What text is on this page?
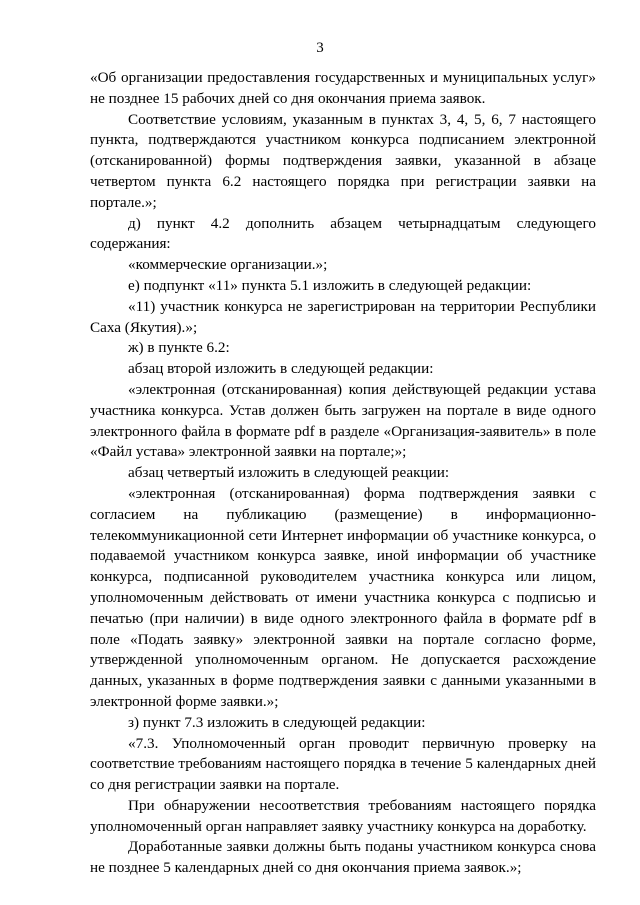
3

«Об организации предоставления государственных и муниципальных услуг» не позднее 15 рабочих дней со дня окончания приема заявок.

Соответствие условиям, указанным в пунктах 3, 4, 5, 6, 7 настоящего пункта, подтверждаются участником конкурса подписанием электронной (отсканированной) формы подтверждения заявки, указанной в абзаце четвертом пункта 6.2 настоящего порядка при регистрации заявки на портале.»;

д) пункт 4.2 дополнить абзацем четырнадцатым следующего содержания:

«коммерческие организации.»;

е) подпункт «11» пункта 5.1 изложить в следующей редакции:

«11) участник конкурса не зарегистрирован на территории Республики Саха (Якутия).»;

ж) в пункте 6.2:

абзац второй изложить в следующей редакции:

«электронная (отсканированная) копия действующей редакции устава участника конкурса. Устав должен быть загружен на портале в виде одного электронного файла в формате pdf в разделе «Организация-заявитель» в поле «Файл устава» электронной заявки на портале;»;

абзац четвертый изложить в следующей реакции:

«электронная (отсканированная) форма подтверждения заявки с согласием на публикацию (размещение) в информационно-телекоммуникационной сети Интернет информации об участнике конкурса, о подаваемой участником конкурса заявке, иной информации об участнике конкурса, подписанной руководителем участника конкурса или лицом, уполномоченным действовать от имени участника конкурса с подписью и печатью (при наличии) в виде одного электронного файла в формате pdf в поле «Подать заявку» электронной заявки на портале согласно форме, утвержденной уполномоченным органом. Не допускается расхождение данных, указанных в форме подтверждения заявки с данными указанными в электронной форме заявки.»;

з) пункт 7.3 изложить в следующей редакции:

«7.3. Уполномоченный орган проводит первичную проверку на соответствие требованиям настоящего порядка в течение 5 календарных дней со дня регистрации заявки на портале.

При обнаружении несоответствия требованиям настоящего порядка уполномоченный орган направляет заявку участнику конкурса на доработку.

Доработанные заявки должны быть поданы участником конкурса снова не позднее 5 календарных дней со дня окончания приема заявок.»;
